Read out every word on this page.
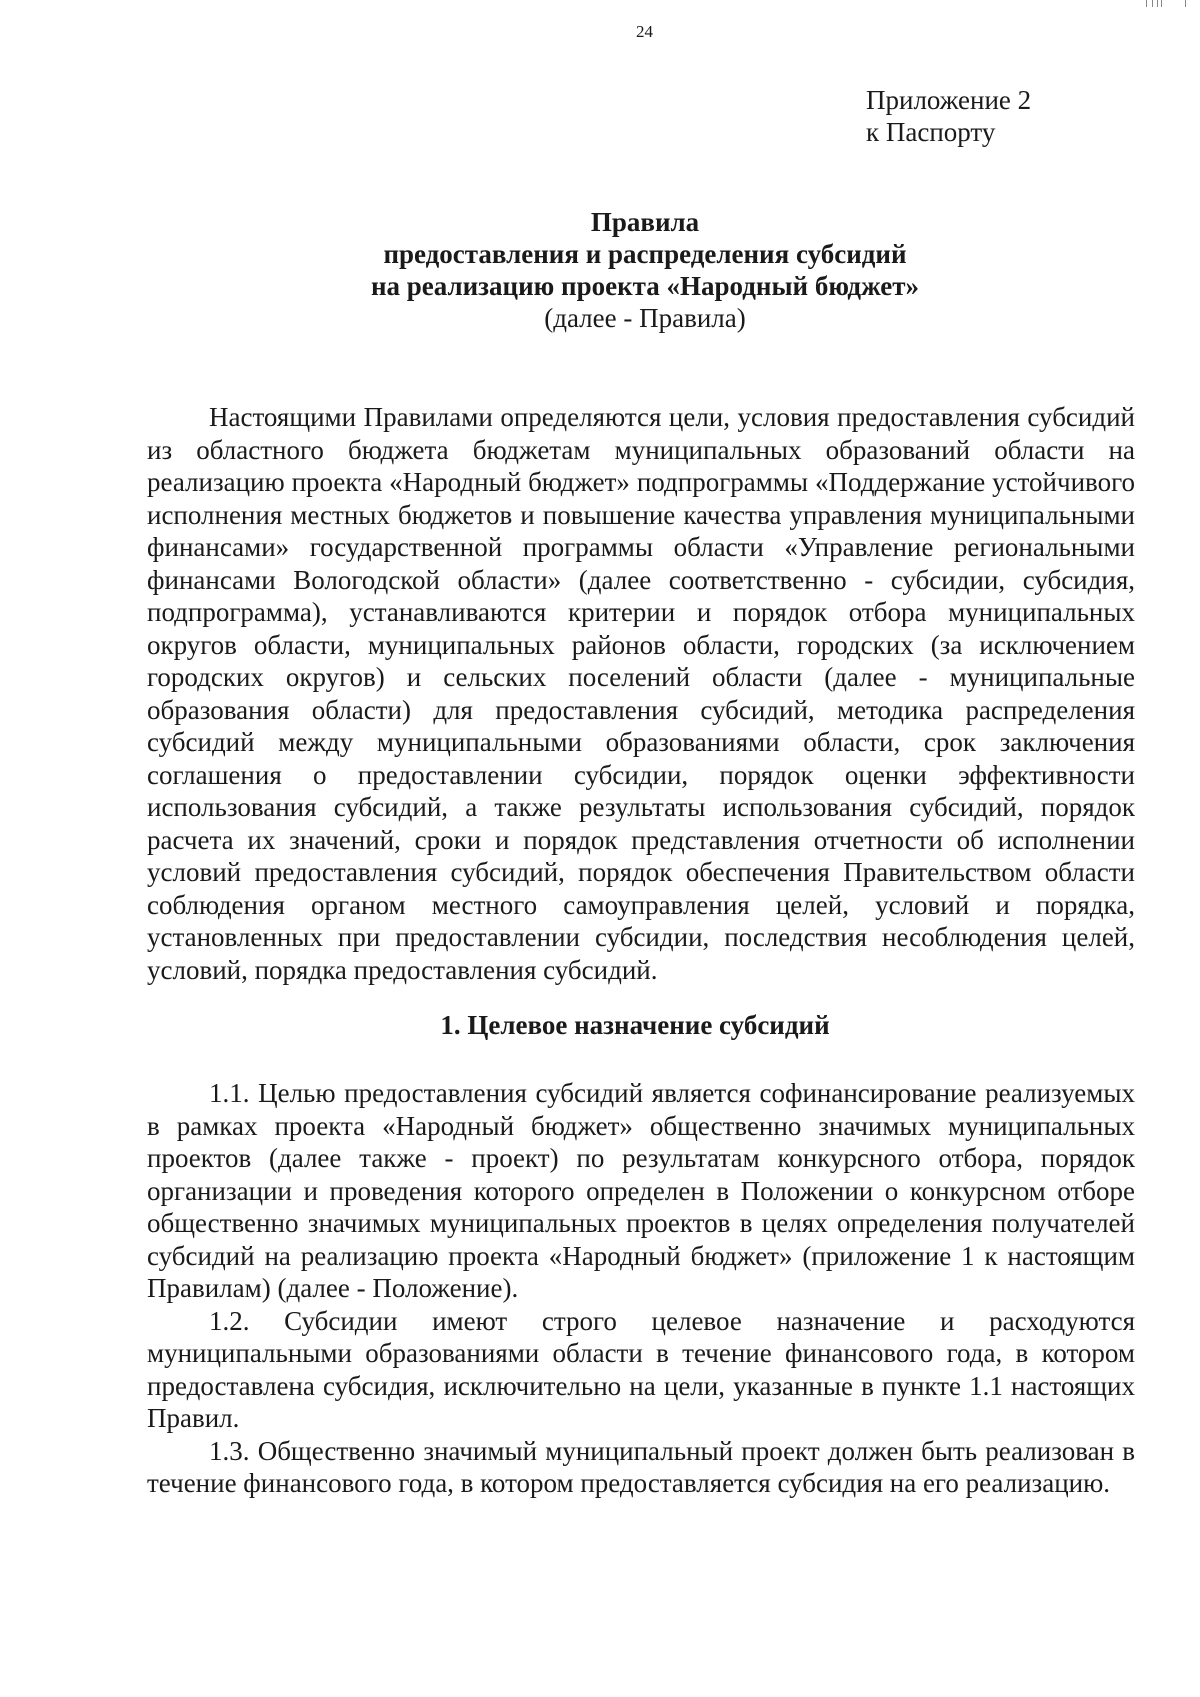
24
Приложение 2
к Паспорту
Правила
предоставления и распределения субсидий
на реализацию проекта «Народный бюджет»
(далее - Правила)

Настоящими Правилами определяются цели, условия предоставления субсидий из областного бюджета бюджетам муниципальных образований области на реализацию проекта «Народный бюджет» подпрограммы «Поддержание устойчивого исполнения местных бюджетов и повышение качества управления муниципальными финансами» государственной программы области «Управление региональными финансами Вологодской области» (далее соответственно - субсидии, субсидия, подпрограмма), устанавливаются критерии и порядок отбора муниципальных округов области, муниципальных районов области, городских (за исключением городских округов) и сельских поселений области (далее - муниципальные образования области) для предоставления субсидий, методика распределения субсидий между муниципальными образованиями области, срок заключения соглашения о предоставлении субсидии, порядок оценки эффективности использования субсидий, а также результаты использования субсидий, порядок расчета их значений, сроки и порядок представления отчетности об исполнении условий предоставления субсидий, порядок обеспечения Правительством области соблюдения органом местного самоуправления целей, условий и порядка, установленных при предоставлении субсидии, последствия несоблюдения целей, условий, порядка предоставления субсидий.

1. Целевое назначение субсидий

1.1. Целью предоставления субсидий является софинансирование реализуемых в рамках проекта «Народный бюджет» общественно значимых муниципальных проектов (далее также - проект) по результатам конкурсного отбора, порядок организации и проведения которого определен в Положении о конкурсном отборе общественно значимых муниципальных проектов в целях определения получателей субсидий на реализацию проекта «Народный бюджет» (приложение 1 к настоящим Правилам) (далее - Положение).

1.2. Субсидии имеют строго целевое назначение и расходуются муниципальными образованиями области в течение финансового года, в котором предоставлена субсидия, исключительно на цели, указанные в пункте 1.1 настоящих Правил.

1.3. Общественно значимый муниципальный проект должен быть реализован в течение финансового года, в котором предоставляется субсидия на его реализацию.
